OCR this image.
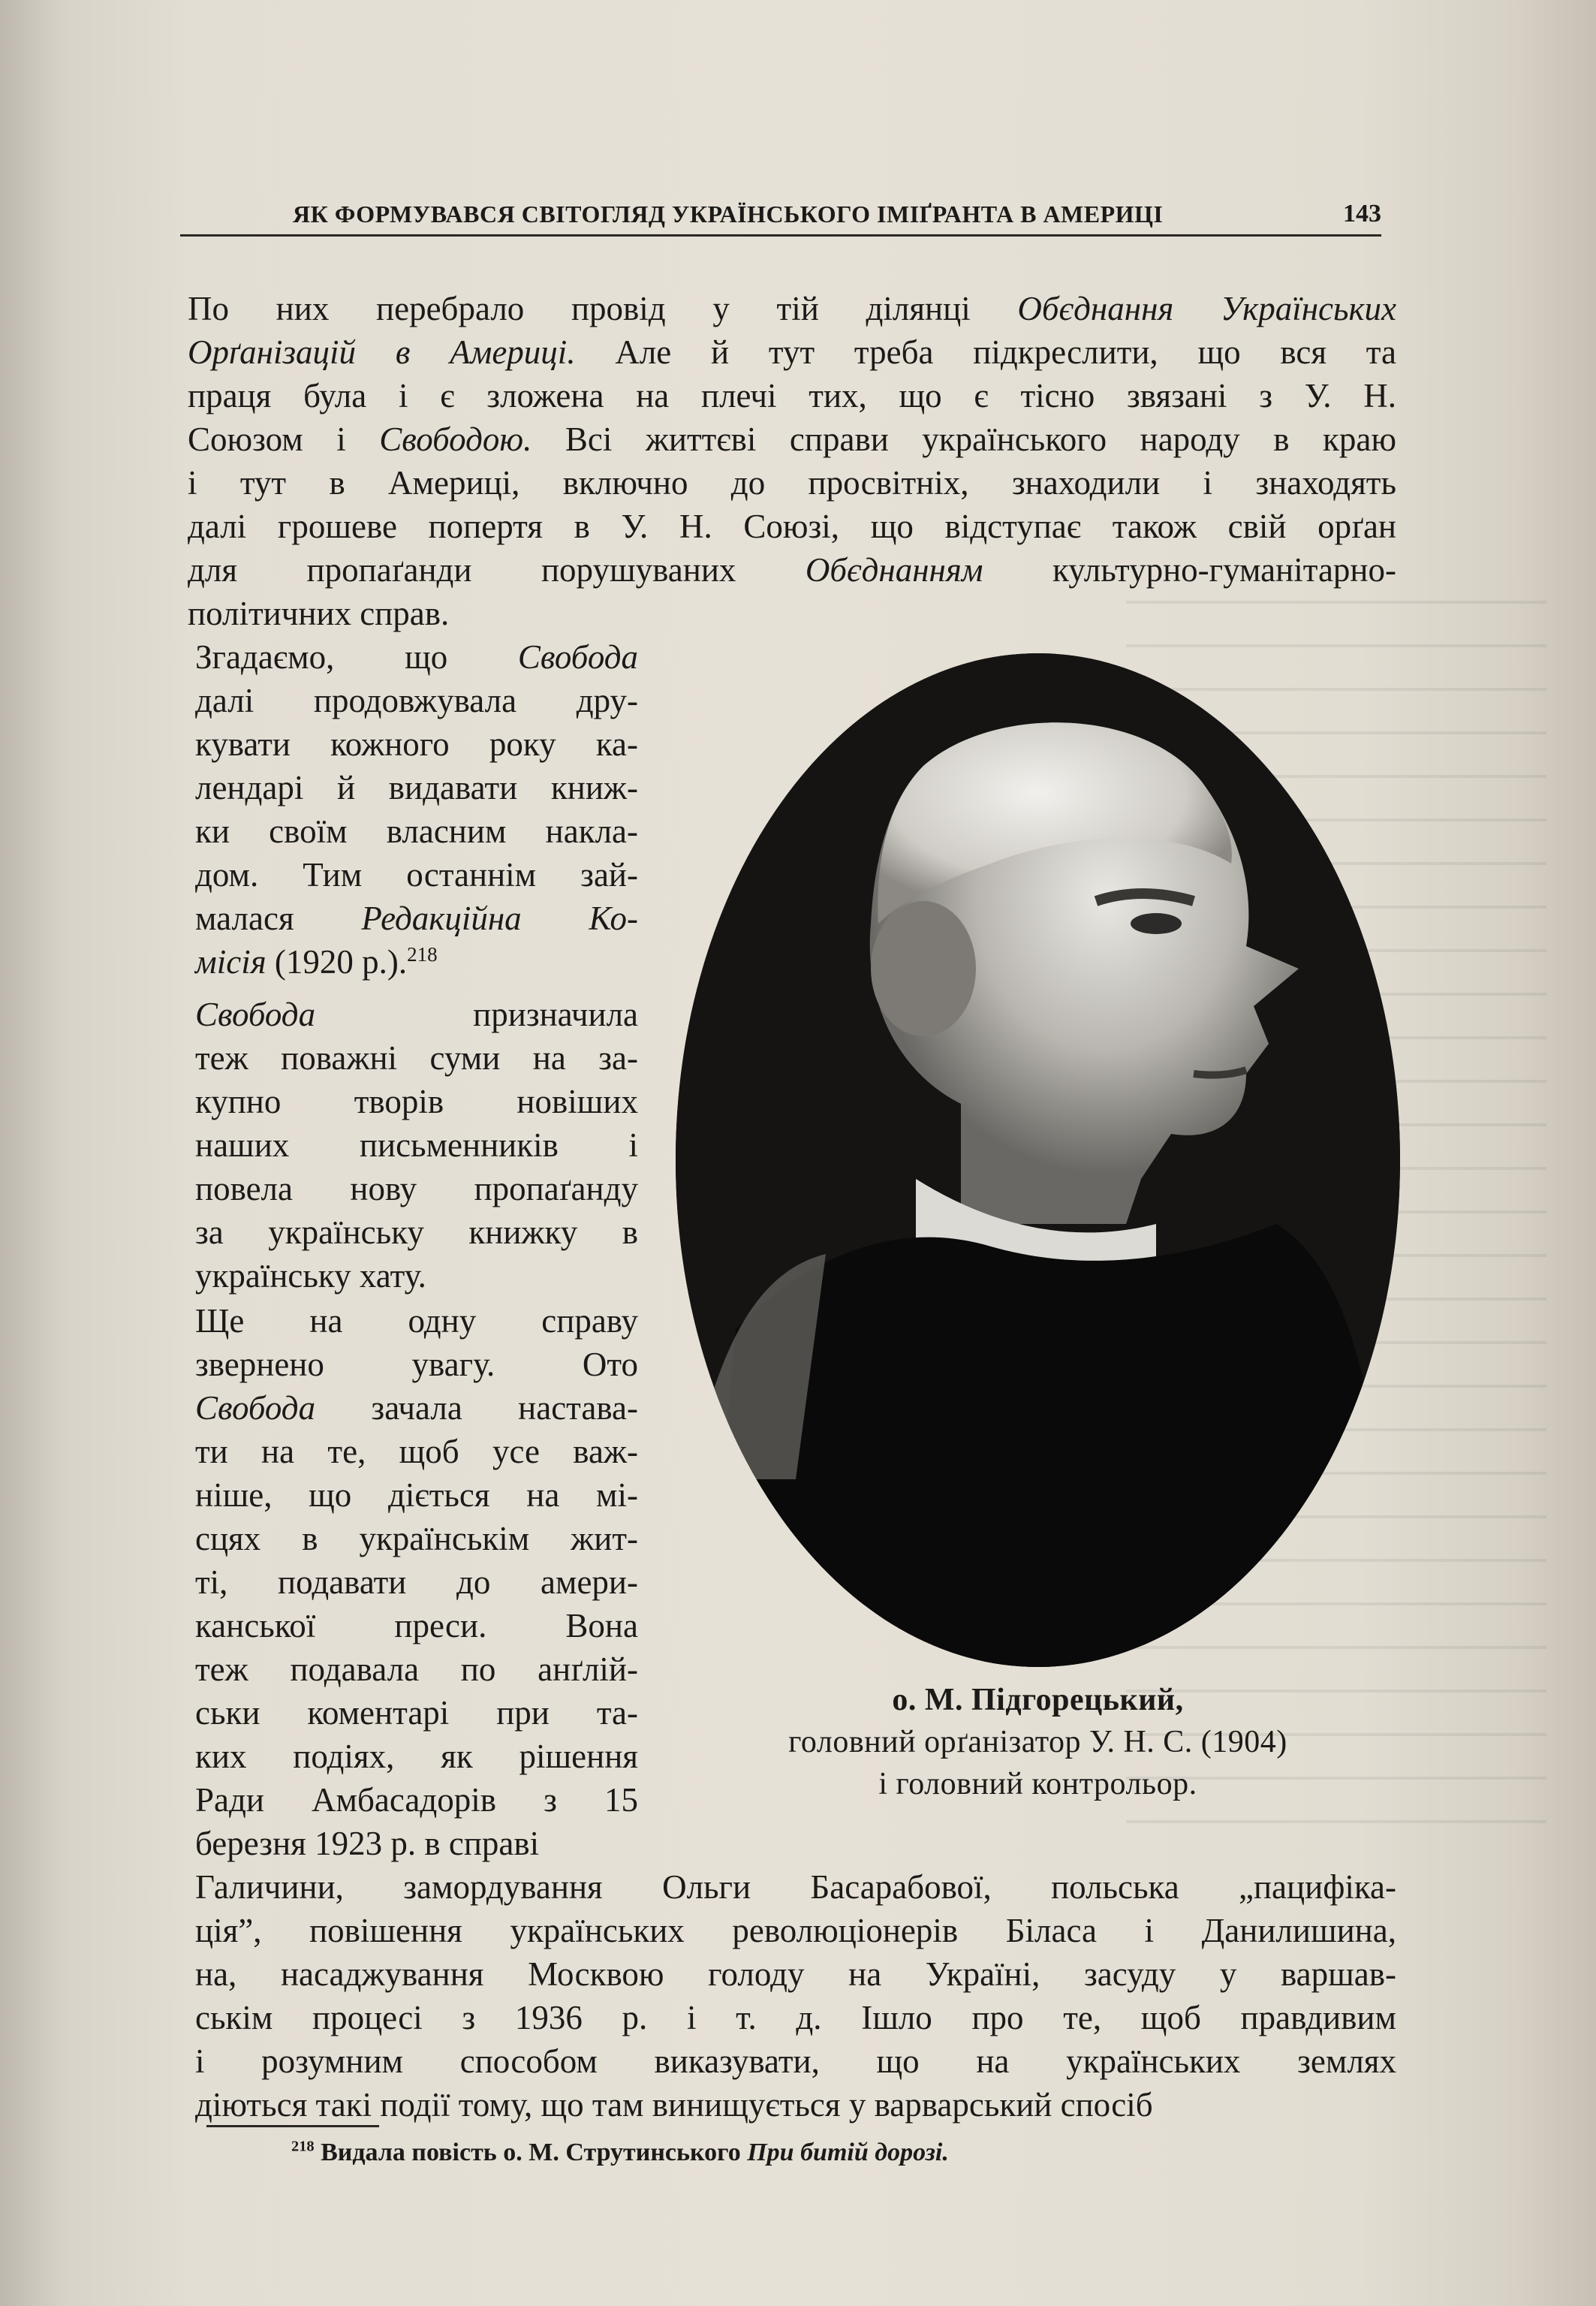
ЯК ФОРМУВАВСЯ СВІТОГЛЯД УКРАЇНСЬКОГО ІМІҐРАНТА В АМЕРИЦІ	143
По них перебрало провід у тій ділянці Обєднання Українських
Орґанізацій в Америці. Але й тут треба підкреслити, що вся та
праця була і є зложена на плечі тих, що є тісно звязані з У. Н.
Союзом і Свободою. Всі життєві справи українського народу в краю
і тут в Америці, включно до просвітніх, знаходили і знаходять
далі грошеве попертя в У. Н. Союзі, що відступає також свій орґан
для пропаґанди порушуваних Обєднанням культурно-гуманітарно-
політичних справ.
Згадаємо, що Свобода
далі продовжувала дру-
кувати кожного року ка-
лендарі й видавати книж-
ки своїм власним накла-
дом. Тим останнім зай-
малася Редакційна Ко-
місія (1920 р.).$^{218}$
Свобода призначила
теж поважні суми на за-
купно творів новіших
наших письменників і
повела нову пропаґанду
за українську книжку в
українську хату.
Ще на одну справу
звернено увагу. Ото
Свобода зачала настава-
ти на те, щоб усе важ-
ніше, що діється на мі-
сцях в українськім жит-
ті, подавати до амери-
канської преси. Вона
теж подавала по анґлій-
ськи коментарі при та-
ких подіях, як рішення
Ради Амбасадорів з 15
березня 1923 р. в справі
Галичини, замордування Ольги Басарабової, польська „пацифіка-
ція”, повішення українських революціонерів Біласа і Данилишина,
на, насаджування Москвою голоду на Україні, засуду у варшав-
ськім процесі з 1936 р. і т. д. Ішло про те, щоб правдивим
і розумним способом виказувати, що на українських землях
діються такі події тому, що там винищується у варварський спосіб
о. М. Підгорецький,
головний орґанізатор У. Н. С. (1904)
і головний контрольор.
$^{218}$ Видала повість о. М. Струтинського При битій дорозі.
